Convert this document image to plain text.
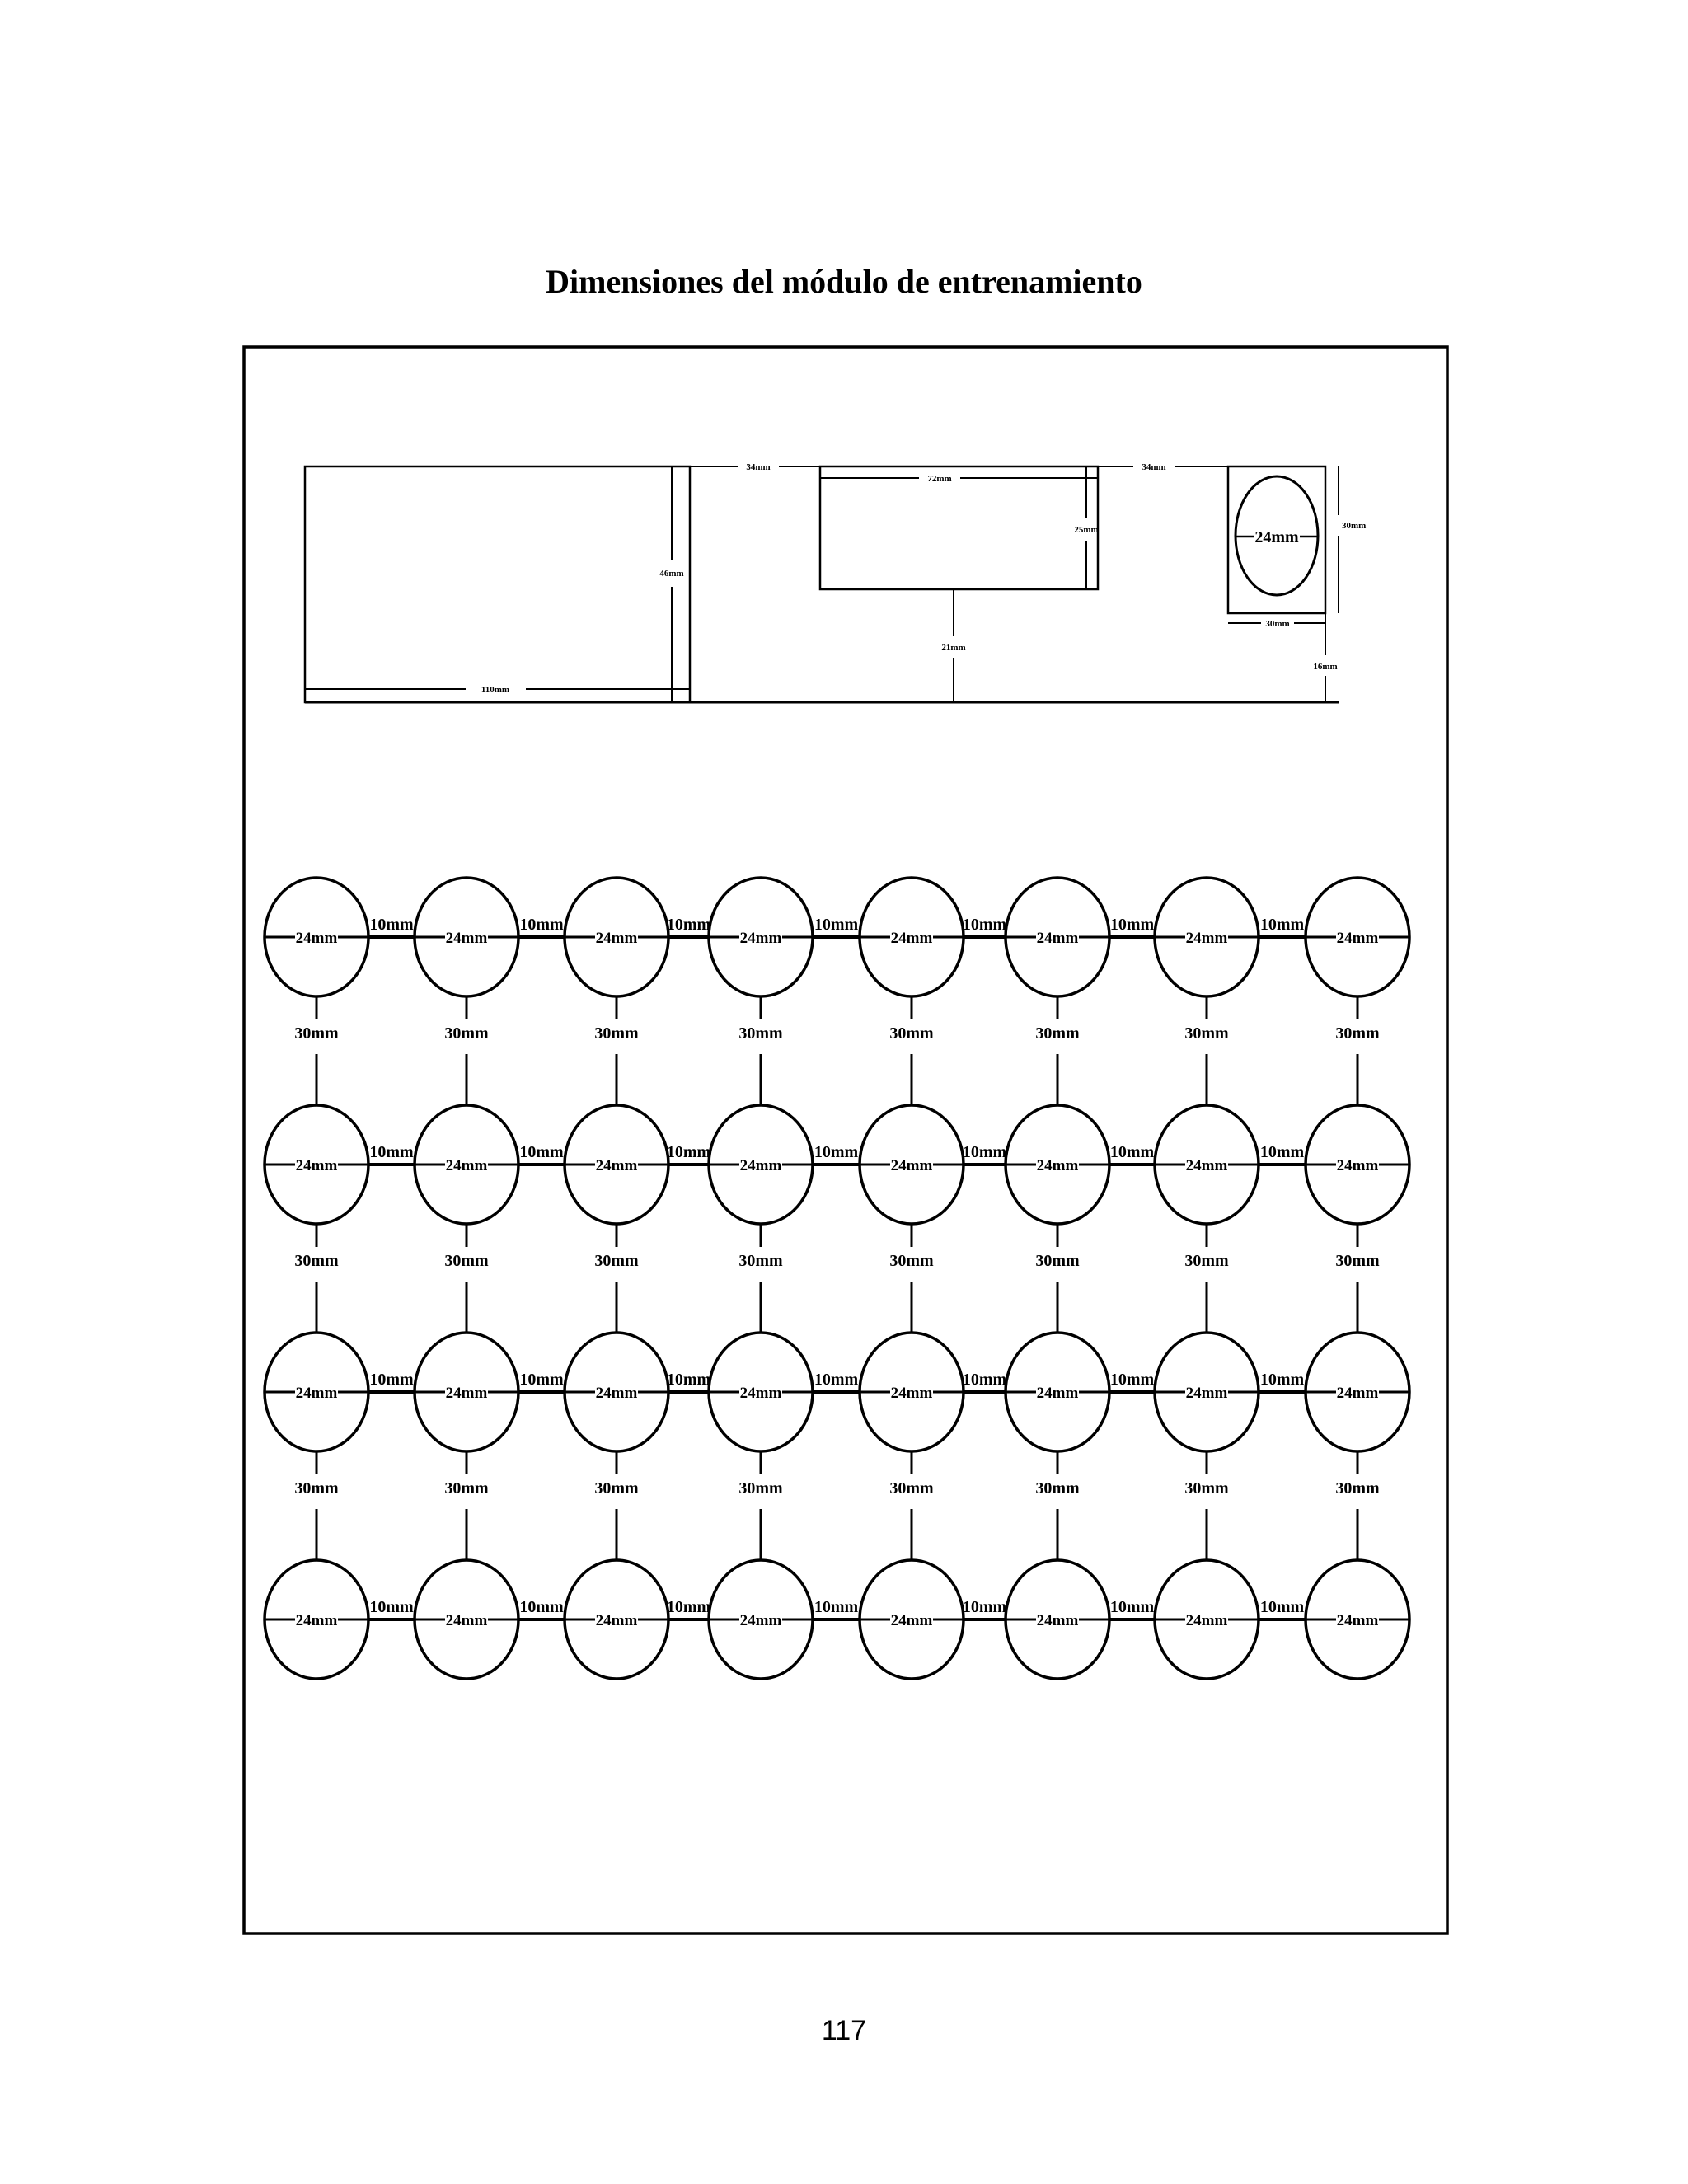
Dimensiones del módulo de entrenamiento
46mm
110mm
34mm
72mm
25mm
21mm
34mm
24mm
30mm
30mm
16mm
24mm
10mm
30mm
24mm
10mm
30mm
24mm
10mm
30mm
24mm
10mm
30mm
24mm
10mm
30mm
24mm
10mm
30mm
24mm
10mm
30mm
24mm
30mm
24mm
10mm
30mm
24mm
10mm
30mm
24mm
10mm
30mm
24mm
10mm
30mm
24mm
10mm
30mm
24mm
10mm
30mm
24mm
10mm
30mm
24mm
30mm
24mm
10mm
30mm
24mm
10mm
30mm
24mm
10mm
30mm
24mm
10mm
30mm
24mm
10mm
30mm
24mm
10mm
30mm
24mm
10mm
30mm
24mm
30mm
24mm
10mm
24mm
10mm
24mm
10mm
24mm
10mm
24mm
10mm
24mm
10mm
24mm
10mm
24mm
117
